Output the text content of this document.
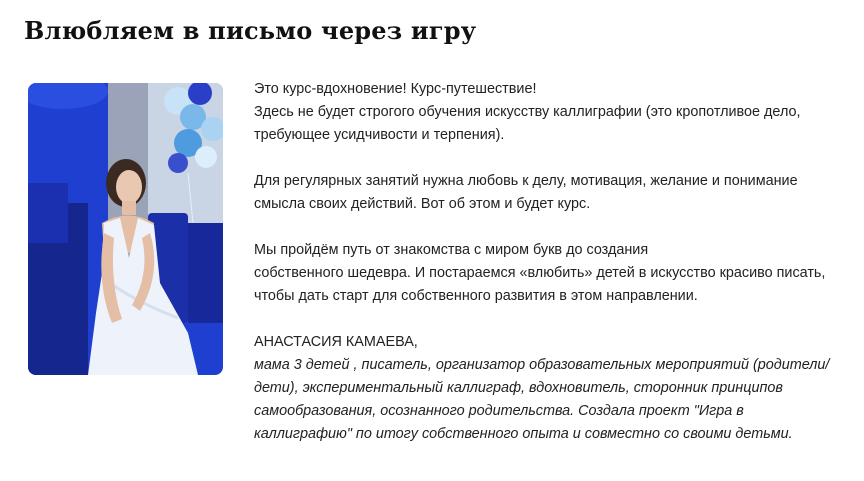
Влюбляем в письмо через игру

Это курс-вдохновение! Курс-путешествие!
Здесь не будет строгого обучения искусству каллиграфии (это кропотливое дело, требующее усидчивости и терпения).

Для регулярных занятий нужна любовь к делу, мотивация, желание и понимание смысла своих действий. Вот об этом и будет курс.

Мы пройдём путь от знакомства с миром букв до создания
собственного шедевра. И постараемся «влюбить» детей в искусство красиво писать, чтобы дать старт для собственного развития в этом направлении.

АНАСТАСИЯ КАМАЕВА,
мама 3 детей , писатель, организатор образовательных мероприятий (родители/дети), экспериментальный каллиграф, вдохновитель, сторонник принципов самообразования, осознанного родительства. Создала проект "Игра в каллиграфию" по итогу собственного опыта и совместно со своими детьми.
